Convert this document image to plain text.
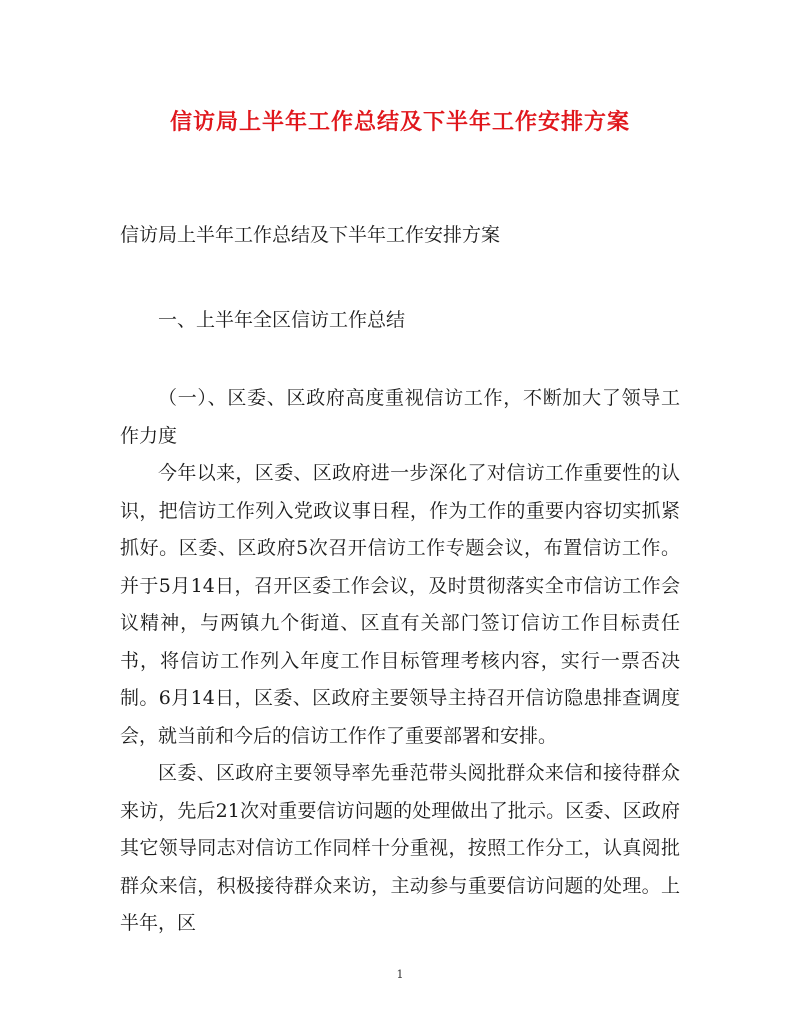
信访局上半年工作总结及下半年工作安排方案

信访局上半年工作总结及下半年工作安排方案

一、上半年全区信访工作总结

（一）、区委、区政府高度重视信访工作，不断加大了领导工作力度

今年以来，区委、区政府进一步深化了对信访工作重要性的认识，把信访工作列入党政议事日程，作为工作的重要内容切实抓紧抓好。区委、区政府5次召开信访工作专题会议，布置信访工作。并于5月14日，召开区委工作会议，及时贯彻落实全市信访工作会议精神，与两镇九个街道、区直有关部门签订信访工作目标责任书，将信访工作列入年度工作目标管理考核内容，实行一票否决制。6月14日，区委、区政府主要领导主持召开信访隐患排查调度会，就当前和今后的信访工作作了重要部署和安排。

区委、区政府主要领导率先垂范带头阅批群众来信和接待群众来访，先后21次对重要信访问题的处理做出了批示。区委、区政府其它领导同志对信访工作同样十分重视，按照工作分工，认真阅批群众来信，积极接待群众来访，主动参与重要信访问题的处理。上半年，区

1
